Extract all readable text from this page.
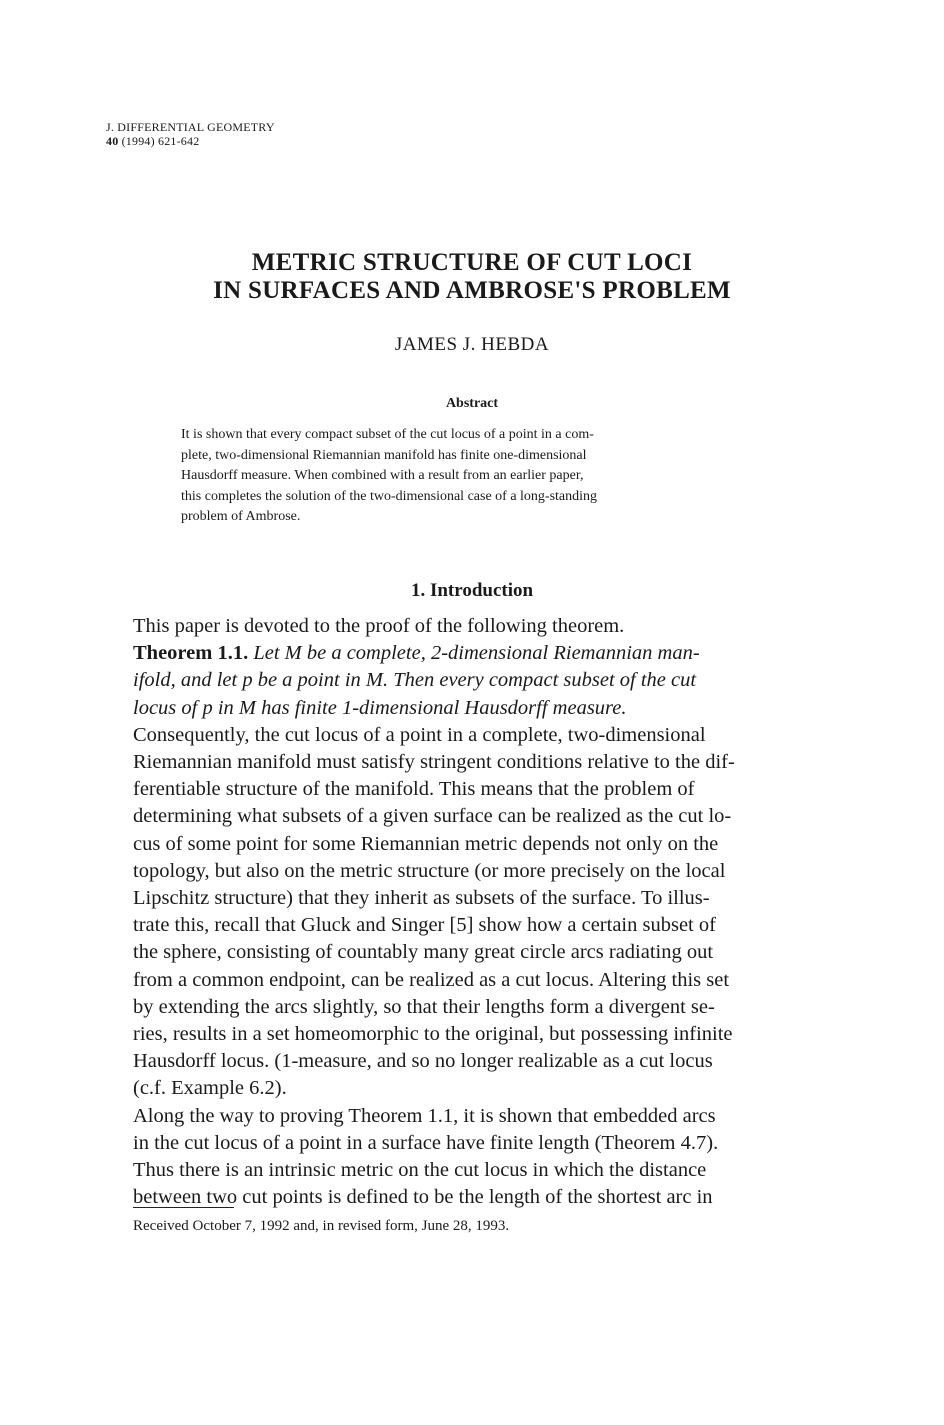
J. DIFFERENTIAL GEOMETRY
40 (1994) 621-642
METRIC STRUCTURE OF CUT LOCI
IN SURFACES AND AMBROSE'S PROBLEM
JAMES J. HEBDA
Abstract
It is shown that every compact subset of the cut locus of a point in a com-
plete, two-dimensional Riemannian manifold has finite one-dimensional
Hausdorff measure. When combined with a result from an earlier paper,
this completes the solution of the two-dimensional case of a long-standing
problem of Ambrose.
1. Introduction
This paper is devoted to the proof of the following theorem.
Theorem 1.1. Let M be a complete, 2-dimensional Riemannian man-
ifold, and let p be a point in M. Then every compact subset of the cut
locus of p in M has finite 1-dimensional Hausdorff measure.
Consequently, the cut locus of a point in a complete, two-dimensional
Riemannian manifold must satisfy stringent conditions relative to the dif-
ferentiable structure of the manifold. This means that the problem of
determining what subsets of a given surface can be realized as the cut lo-
cus of some point for some Riemannian metric depends not only on the
topology, but also on the metric structure (or more precisely on the local
Lipschitz structure) that they inherit as subsets of the surface. To illus-
trate this, recall that Gluck and Singer [5] show how a certain subset of
the sphere, consisting of countably many great circle arcs radiating out
from a common endpoint, can be realized as a cut locus. Altering this set
by extending the arcs slightly, so that their lengths form a divergent se-
ries, results in a set homeomorphic to the original, but possessing infinite
Hausdorff locus. (1-measure, and so no longer realizable as a cut locus
(c.f. Example 6.2).
Along the way to proving Theorem 1.1, it is shown that embedded arcs
in the cut locus of a point in a surface have finite length (Theorem 4.7).
Thus there is an intrinsic metric on the cut locus in which the distance
between two cut points is defined to be the length of the shortest arc in
Received October 7, 1992 and, in revised form, June 28, 1993.
